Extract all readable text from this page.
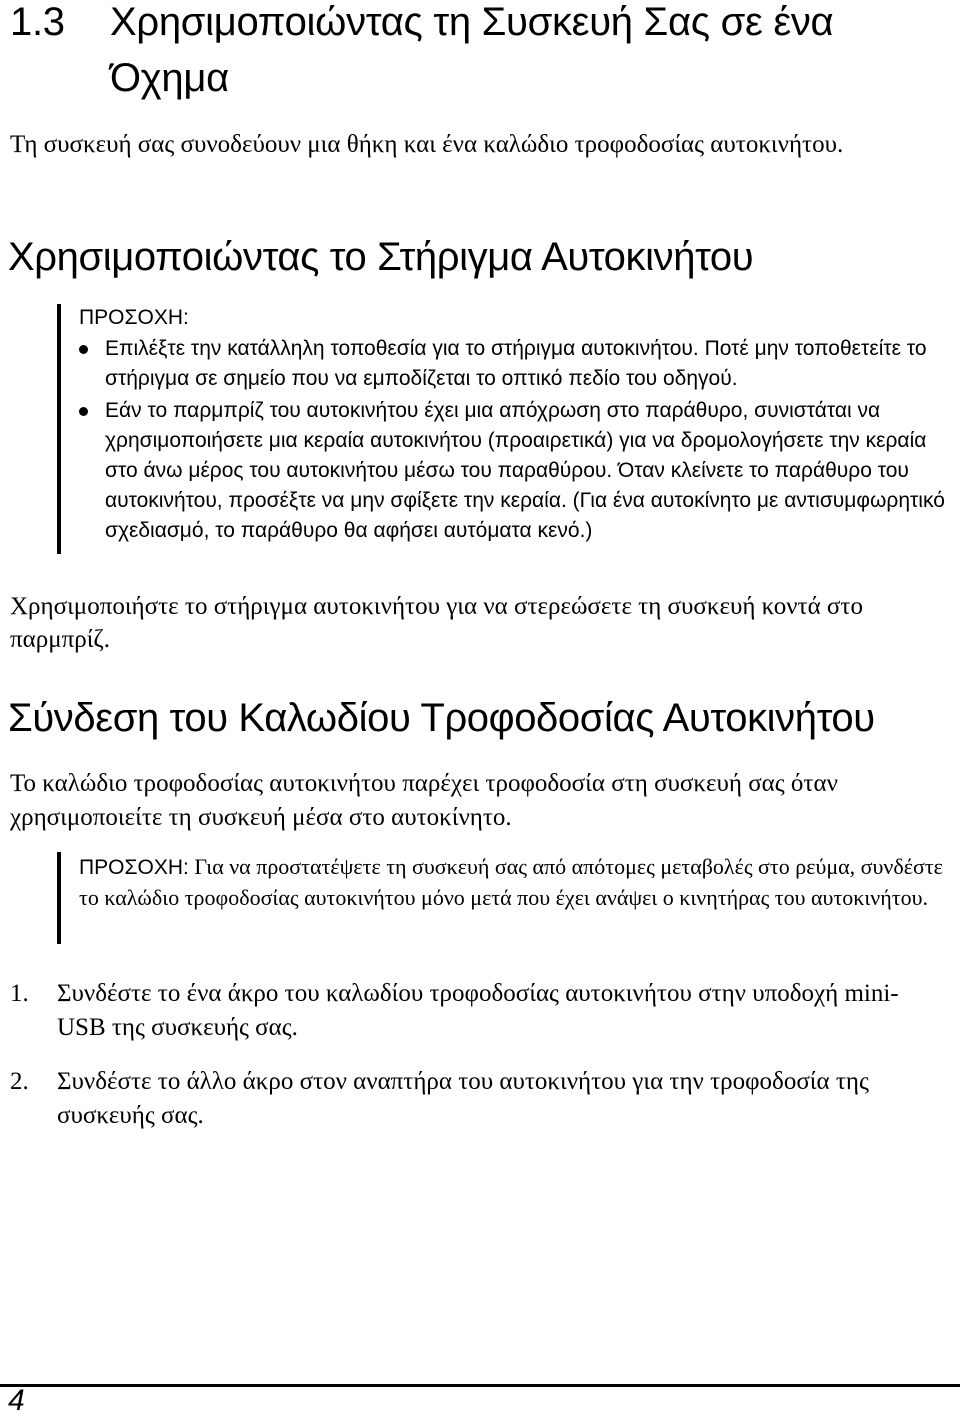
1.3 Χρησιμοποιώντας τη Συσκευή Σας σε ένα Όχημα

Τη συσκευή σας συνοδεύουν μια θήκη και ένα καλώδιο τροφοδοσίας αυτοκινήτου.

Χρησιμοποιώντας το Στήριγμα Αυτοκινήτου

ΠΡΟΣΟΧΗ:

Επιλέξτε την κατάλληλη τοποθεσία για το στήριγμα αυτοκινήτου. Ποτέ μην τοποθετείτε το στήριγμα σε σημείο που να εμποδίζεται το οπτικό πεδίο του οδηγού.
Εάν το παρμπρίζ του αυτοκινήτου έχει μια απόχρωση στο παράθυρο, συνιστάται να χρησιμοποιήσετε μια κεραία αυτοκινήτου (προαιρετικά) για να δρομολογήσετε την κεραία στο άνω μέρος του αυτοκινήτου μέσω του παραθύρου. Όταν κλείνετε το παράθυρο του αυτοκινήτου, προσέξτε να μην σφίξετε την κεραία. (Για ένα αυτοκίνητο με αντισυμφωρητικό σχεδιασμό, το παράθυρο θα αφήσει αυτόματα κενό.)

Χρησιμοποιήστε το στήριγμα αυτοκινήτου για να στερεώσετε τη συσκευή κοντά στο παρμπρίζ.

Σύνδεση του Καλωδίου Τροφοδοσίας Αυτοκινήτου

Το καλώδιο τροφοδοσίας αυτοκινήτου παρέχει τροφοδοσία στη συσκευή σας όταν χρησιμοποιείτε τη συσκευή μέσα στο αυτοκίνητο.

ΠΡΟΣΟΧΗ: Για να προστατέψετε τη συσκευή σας από απότομες μεταβολές στο ρεύμα, συνδέστε το καλώδιο τροφοδοσίας αυτοκινήτου μόνο μετά που έχει ανάψει ο κινητήρας του αυτοκινήτου.

1. Συνδέστε το ένα άκρο του καλωδίου τροφοδοσίας αυτοκινήτου στην υποδοχή mini-USB της συσκευής σας.
2. Συνδέστε το άλλο άκρο στον αναπτήρα του αυτοκινήτου για την τροφοδοσία της συσκευής σας.

4
